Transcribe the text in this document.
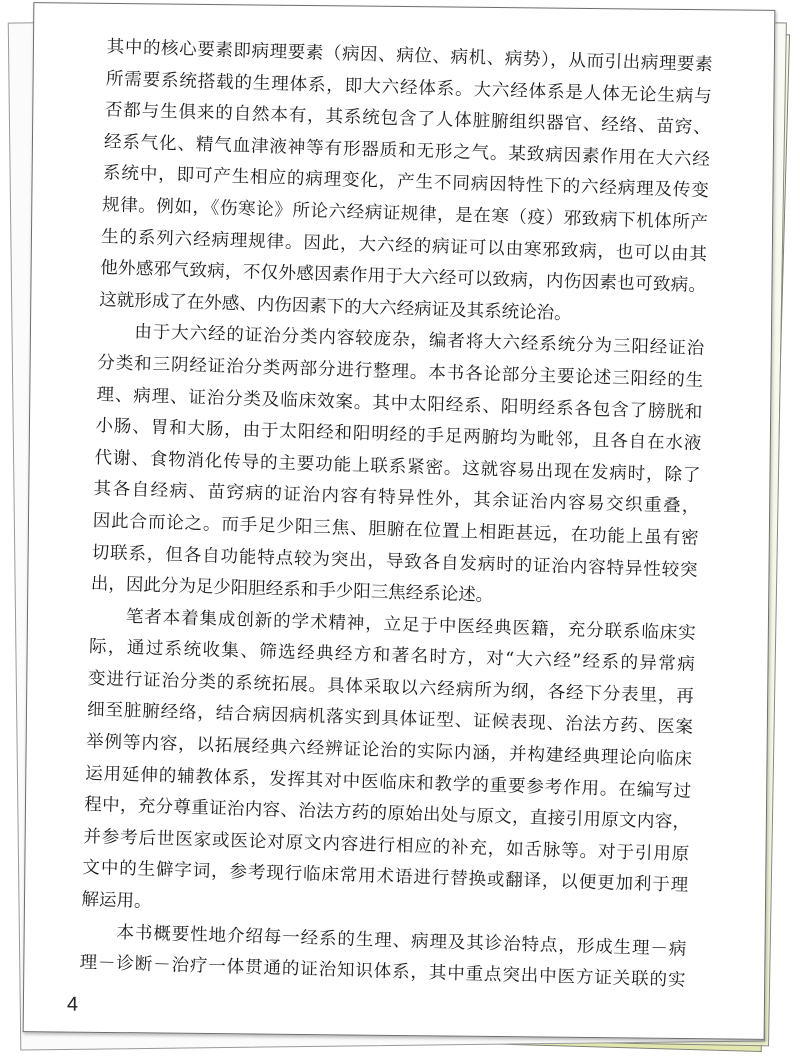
其中的核心要素即病理要素（病因、病位、病机、病势），从而引出病理要素
所需要系统搭载的生理体系，即大六经体系。大六经体系是人体无论生病与
否都与生俱来的自然本有，其系统包含了人体脏腑组织器官、经络、苗窍、
经系气化、精气血津液神等有形器质和无形之气。某致病因素作用在大六经
系统中，即可产生相应的病理变化，产生不同病因特性下的六经病理及传变
规律。例如，《伤寒论》所论六经病证规律，是在寒（疫）邪致病下机体所产
生的系列六经病理规律。因此，大六经的病证可以由寒邪致病，也可以由其
他外感邪气致病，不仅外感因素作用于大六经可以致病，内伤因素也可致病。
这就形成了在外感、内伤因素下的大六经病证及其系统论治。
由于大六经的证治分类内容较庞杂，编者将大六经系统分为三阳经证治
分类和三阴经证治分类两部分进行整理。本书各论部分主要论述三阳经的生
理、病理、证治分类及临床效案。其中太阳经系、阳明经系各包含了膀胱和
小肠、胃和大肠，由于太阳经和阳明经的手足两腑均为毗邻，且各自在水液
代谢、食物消化传导的主要功能上联系紧密。这就容易出现在发病时，除了
其各自经病、苗窍病的证治内容有特异性外，其余证治内容易交织重叠，
因此合而论之。而手足少阳三焦、胆腑在位置上相距甚远，在功能上虽有密
切联系，但各自功能特点较为突出，导致各自发病时的证治内容特异性较突
出，因此分为足少阳胆经系和手少阳三焦经系论述。
笔者本着集成创新的学术精神，立足于中医经典医籍，充分联系临床实
际，通过系统收集、筛选经典经方和著名时方，对“大六经”经系的异常病
变进行证治分类的系统拓展。具体采取以六经病所为纲，各经下分表里，再
细至脏腑经络，结合病因病机落实到具体证型、证候表现、治法方药、医案
举例等内容，以拓展经典六经辨证论治的实际内涵，并构建经典理论向临床
运用延伸的辅教体系，发挥其对中医临床和教学的重要参考作用。在编写过
程中，充分尊重证治内容、治法方药的原始出处与原文，直接引用原文内容，
并参考后世医家或医论对原文内容进行相应的补充，如舌脉等。对于引用原
文中的生僻字词，参考现行临床常用术语进行替换或翻译，以便更加利于理
解运用。
本书概要性地介绍每一经系的生理、病理及其诊治特点，形成生理－病
理－诊断－治疗一体贯通的证治知识体系，其中重点突出中医方证关联的实
4
